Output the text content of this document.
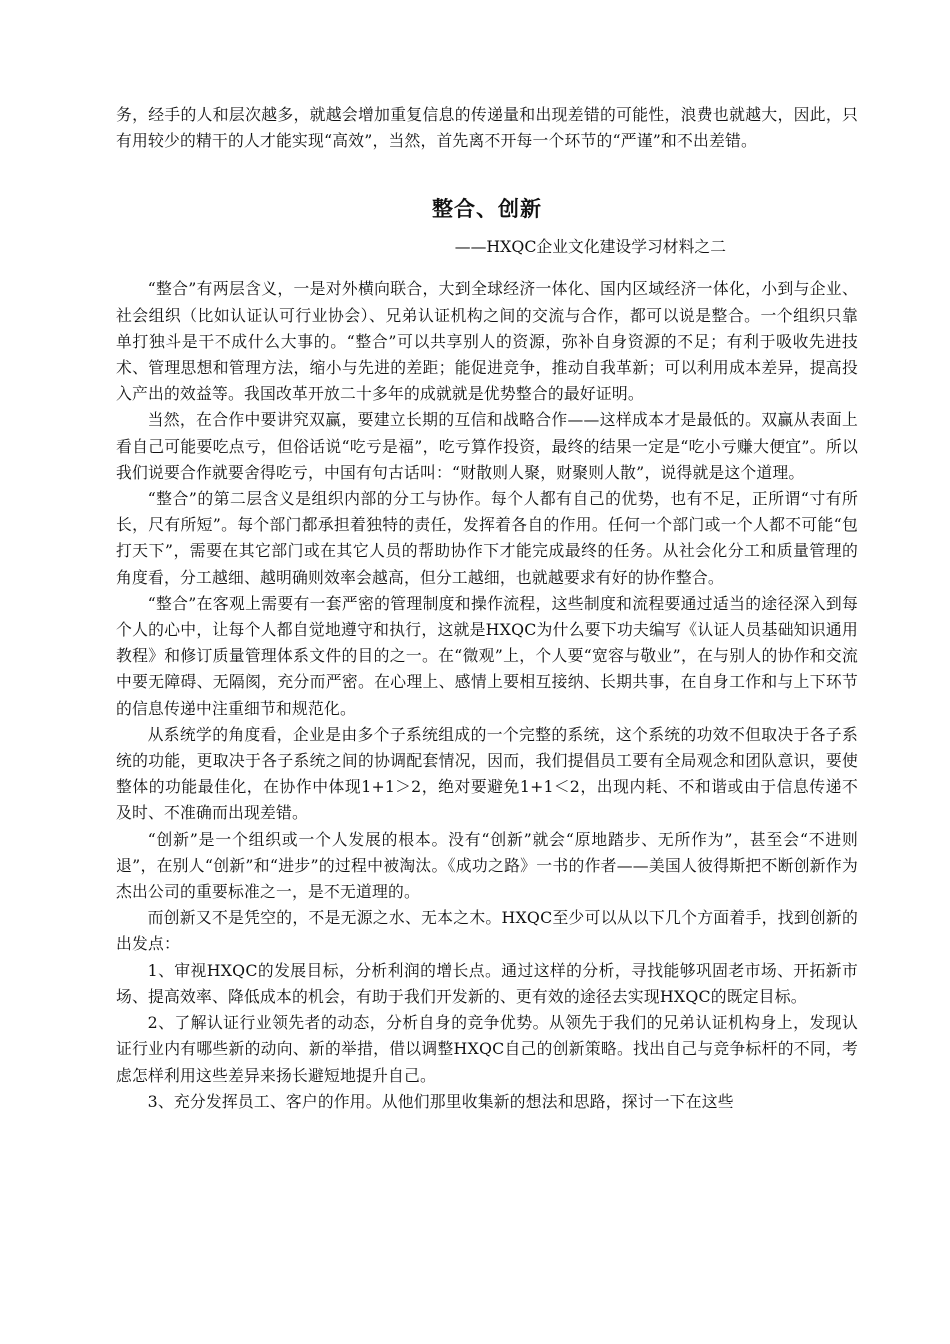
务，经手的人和层次越多，就越会增加重复信息的传递量和出现差错的可能性，浪费也就越大，因此，只有用较少的精干的人才能实现“高效”，当然，首先离不开每一个环节的“严谨”和不出差错。

整合、创新
——HXQC企业文化建设学习材料之二

“整合”有两层含义，一是对外横向联合，大到全球经济一体化、国内区域经济一体化，小到与企业、社会组织（比如认证认可行业协会）、兄弟认证机构之间的交流与合作，都可以说是整合。一个组织只靠单打独斗是干不成什么大事的。“整合”可以共享别人的资源，弥补自身资源的不足；有利于吸收先进技术、管理思想和管理方法，缩小与先进的差距；能促进竞争，推动自我革新；可以利用成本差异，提高投入产出的效益等。我国改革开放二十多年的成就就是优势整合的最好证明。

当然，在合作中要讲究双赢，要建立长期的互信和战略合作——这样成本才是最低的。双赢从表面上看自己可能要吃点亏，但俗话说“吃亏是福”，吃亏算作投资，最终的结果一定是“吃小亏赚大便宜”。所以我们说要合作就要舍得吃亏，中国有句古话叫：“财散则人聚，财聚则人散”，说得就是这个道理。

“整合”的第二层含义是组织内部的分工与协作。每个人都有自己的优势，也有不足，正所谓“寸有所长，尺有所短”。每个部门都承担着独特的责任，发挥着各自的作用。任何一个部门或一个人都不可能“包打天下”，需要在其它部门或在其它人员的帮助协作下才能完成最终的任务。从社会化分工和质量管理的角度看，分工越细、越明确则效率会越高，但分工越细，也就越要求有好的协作整合。

“整合”在客观上需要有一套严密的管理制度和操作流程，这些制度和流程要通过适当的途径深入到每个人的心中，让每个人都自觉地遵守和执行，这就是HXQC为什么要下功夫编写《认证人员基础知识通用教程》和修订质量管理体系文件的目的之一。在“微观”上，个人要“宽容与敬业”，在与别人的协作和交流中要无障碍、无隔阂，充分而严密。在心理上、感情上要相互接纳、长期共事，在自身工作和与上下环节的信息传递中注重细节和规范化。

从系统学的角度看，企业是由多个子系统组成的一个完整的系统，这个系统的功效不但取决于各子系统的功能，更取决于各子系统之间的协调配套情况，因而，我们提倡员工要有全局观念和团队意识，要使整体的功能最佳化，在协作中体现1+1＞2，绝对要避免1+1＜2，出现内耗、不和谐或由于信息传递不及时、不准确而出现差错。

“创新”是一个组织或一个人发展的根本。没有“创新”就会“原地踏步、无所作为”，甚至会“不进则退”，在别人“创新”和“进步”的过程中被淘汰。《成功之路》一书的作者——美国人彼得斯把不断创新作为杰出公司的重要标准之一，是不无道理的。

而创新又不是凭空的，不是无源之水、无本之木。HXQC至少可以从以下几个方面着手，找到创新的出发点：

1、审视HXQC的发展目标，分析利润的增长点。通过这样的分析，寻找能够巩固老市场、开拓新市场、提高效率、降低成本的机会，有助于我们开发新的、更有效的途径去实现HXQC的既定目标。

2、了解认证行业领先者的动态，分析自身的竞争优势。从领先于我们的兄弟认证机构身上，发现认证行业内有哪些新的动向、新的举措，借以调整HXQC自己的创新策略。找出自己与竞争标杆的不同，考虑怎样利用这些差异来扬长避短地提升自己。

3、充分发挥员工、客户的作用。从他们那里收集新的想法和思路，探讨一下在这些
